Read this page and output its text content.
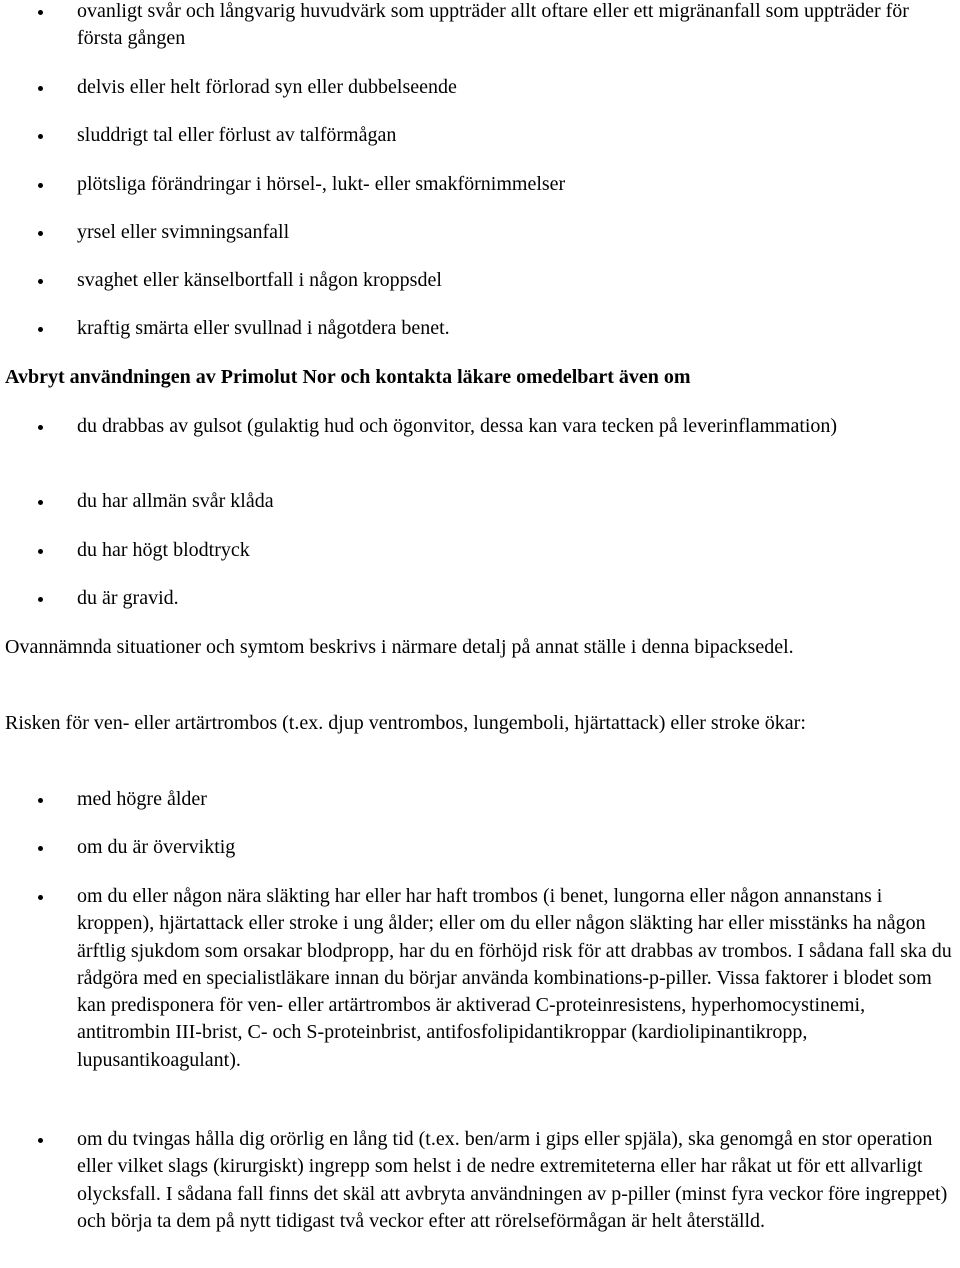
ovanligt svår och långvarig huvudvärk som uppträder allt oftare eller ett migränanfall som uppträder för första gången
delvis eller helt förlorad syn eller dubbelseende
sluddrigt tal eller förlust av talförmågan
plötsliga förändringar i hörsel-, lukt- eller smakförnimmelser
yrsel eller svimningsanfall
svaghet eller känselbortfall i någon kroppsdel
kraftig smärta eller svullnad i någotdera benet.
Avbryt användningen av Primolut Nor och kontakta läkare omedelbart även om
du drabbas av gulsot (gulaktig hud och ögonvitor, dessa kan vara tecken på leverinflammation)
du har allmän svår klåda
du har högt blodtryck
du är gravid.
Ovannämnda situationer och symtom beskrivs i närmare detalj på annat ställe i denna bipacksedel.
Risken för ven- eller artärtrombos (t.ex. djup ventrombos, lungemboli, hjärtattack) eller stroke ökar:
med högre ålder
om du är överviktig
om du eller någon nära släkting har eller har haft trombos (i benet, lungorna eller någon annanstans i kroppen), hjärtattack eller stroke i ung ålder; eller om du eller någon släkting har eller misstänks ha någon ärftlig sjukdom som orsakar blodpropp, har du en förhöjd risk för att drabbas av trombos. I sådana fall ska du rådgöra med en specialistläkare innan du börjar använda kombinations-p-piller. Vissa faktorer i blodet som kan predisponera för ven- eller artärtrombos är aktiverad C-proteinresistens, hyperhomocystinemi, antitrombin III-brist, C- och S-proteinbrist, antifosfolipidantikroppar (kardiolipinantikropp, lupusantikoagulant).
om du tvingas hålla dig orörlig en lång tid (t.ex. ben/arm i gips eller spjäla), ska genomgå en stor operation eller vilket slags (kirurgiskt) ingrepp som helst i de nedre extremiteterna eller har råkat ut för ett allvarligt olycksfall. I sådana fall finns det skäl att avbryta användningen av p-piller (minst fyra veckor före ingreppet) och börja ta dem på nytt tidigast två veckor efter att rörelseförmågan är helt återställd.
